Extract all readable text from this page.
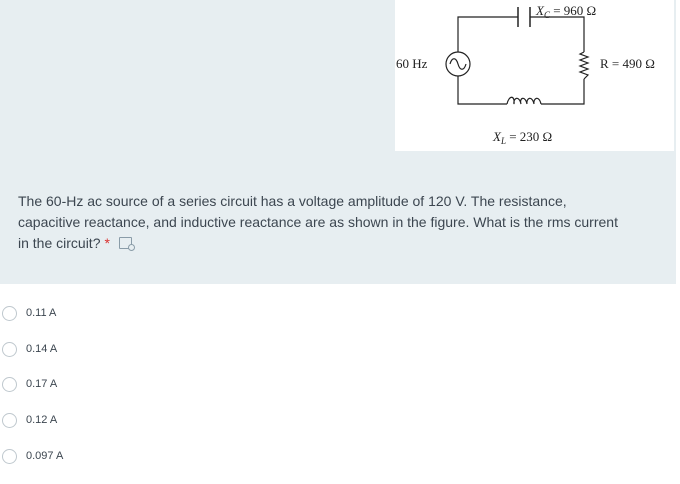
$X_C = 960$ Ω
60 Hz	R = 490 Ω
$X_L = 230$ Ω
The 60-Hz ac source of a series circuit has a voltage amplitude of 120 V. The resistance, capacitive reactance, and inductive reactance are as shown in the figure. What is the rms current in the circuit? *
0.11 A
0.14 A
0.17 A
0.12 A
0.097 A
